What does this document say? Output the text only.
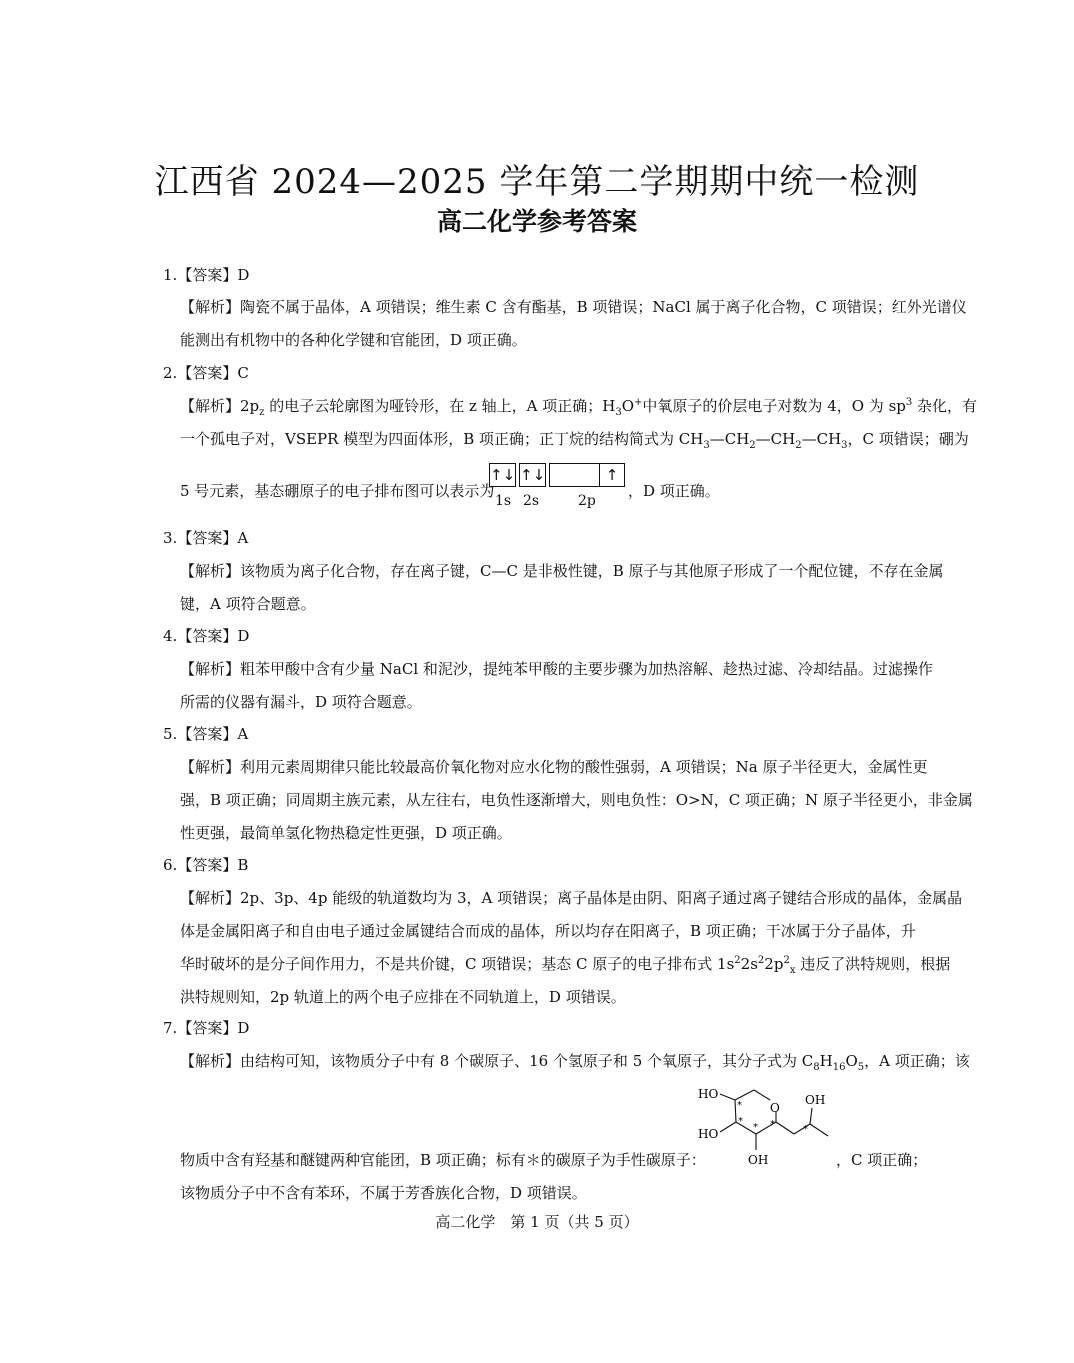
江西省 2024—2025 学年第二学期期中统一检测
高二化学参考答案
1.【答案】D
【解析】陶瓷不属于晶体，A 项错误；维生素 C 含有酯基，B 项错误；NaCl 属于离子化合物，C 项错误；红外光谱仪
能测出有机物中的各种化学键和官能团，D 项正确。
2.【答案】C
【解析】$2p_z$ 的电子云轮廓图为哑铃形，在 z 轴上，A 项正确；$H_3O^+$中氧原子的价层电子对数为 4，O 为 $sp^3$ 杂化，有
一个孤电子对，VSEPR 模型为四面体形，B 项正确；正丁烷的结构简式为 $CH_3—CH_2—CH_2—CH_3$，C 项错误；硼为
5 号元素，基态硼原子的电子排布图可以表示为
↑↓ ↑↓	↑
1s 2s	2p
，D 项正确。
3.【答案】A
【解析】该物质为离子化合物，存在离子键，C—C 是非极性键，B 原子与其他原子形成了一个配位键，不存在金属
键，A 项符合题意。
4.【答案】D
【解析】粗苯甲酸中含有少量 NaCl 和泥沙，提纯苯甲酸的主要步骤为加热溶解、趁热过滤、冷却结晶。过滤操作
所需的仪器有漏斗，D 项符合题意。
5.【答案】A
【解析】利用元素周期律只能比较最高价氧化物对应水化物的酸性强弱，A 项错误；Na 原子半径更大，金属性更
强，B 项正确；同周期主族元素，从左往右，电负性逐渐增大，则电负性：O>N，C 项正确；N 原子半径更小，非金属
性更强，最简单氢化物热稳定性更强，D 项正确。
6.【答案】B
【解析】2p、3p、4p 能级的轨道数均为 3，A 项错误；离子晶体是由阴、阳离子通过离子键结合形成的晶体，金属晶
体是金属阳离子和自由电子通过金属键结合而成的晶体，所以均存在阳离子，B 项正确；干冰属于分子晶体，升
华时破坏的是分子间作用力，不是共价键，C 项错误；基态 C 原子的电子排布式 $1s^22s^22p^2_x$ 违反了洪特规则，根据
洪特规则知，2p 轨道上的两个电子应排在不同轨道上，D 项错误。
7.【答案】D
【解析】由结构可知，该物质分子中有 8 个碳原子、16 个氢原子和 5 个氧原子，其分子式为 $C_8H_{16}O_5$，A 项正确；该
HO
HO
OH
OH
O
*
*
* *	*
物质中含有羟基和醚键两种官能团，B 项正确；标有＊的碳原子为手性碳原子：	，C 项正确；
该物质分子中不含有苯环，不属于芳香族化合物，D 项错误。
高二化学　第 1 页（共 5 页）
